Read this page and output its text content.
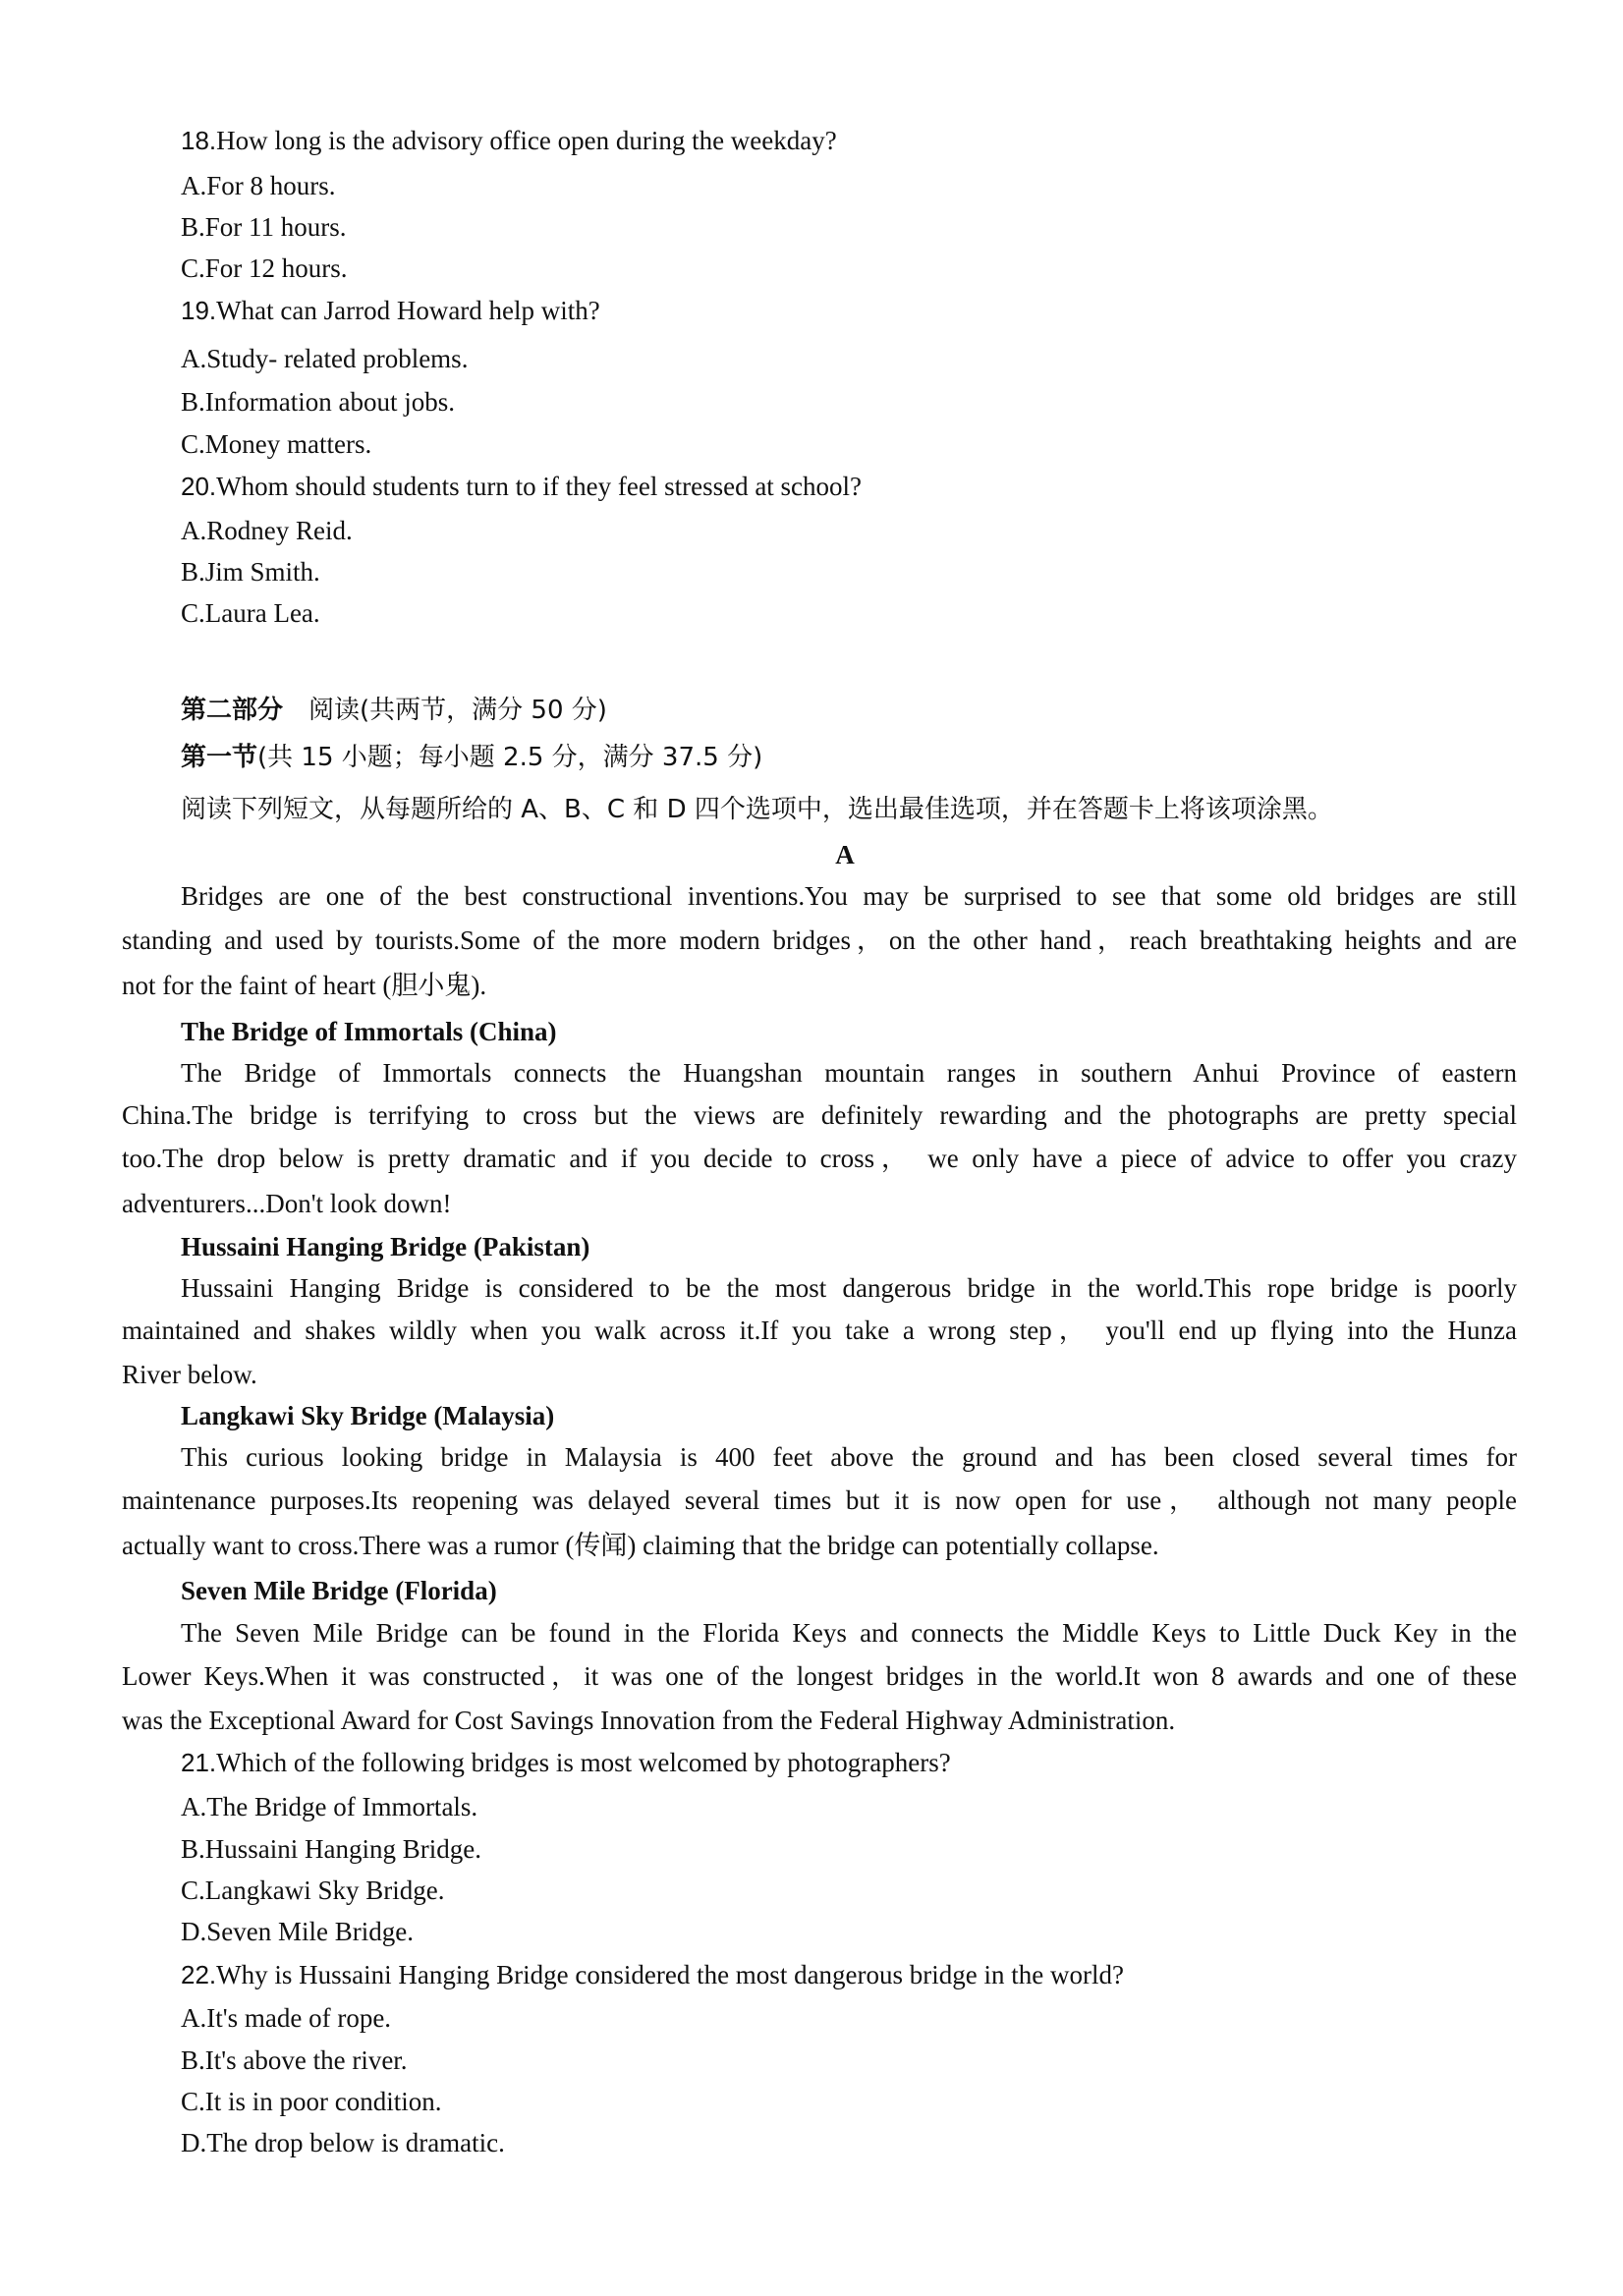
18.How long is the advisory office open during the weekday?
A.For 8 hours.
B.For 11 hours.
C.For 12 hours.
19.What can Jarrod Howard help with?
A.Study- related problems.
B.Information about jobs.
C.Money matters.
20.Whom should students turn to if they feel stressed at school?
A.Rodney Reid.
B.Jim Smith.
C.Laura Lea.
第二部分 阅读(共两节，满分 50 分)
第一节(共 15 小题；每小题 2.5 分，满分 37.5 分)
阅读下列短文，从每题所给的 A、B、C 和 D 四个选项中，选出最佳选项，并在答题卡上将该项涂黑。
A
Bridges are one of the best constructional inventions.You may be surprised to see that some old bridges are still
standing and used by tourists.Some of the more modern bridges，on the other hand，reach breathtaking heights and are
not for the faint of heart (胆小鬼).
The Bridge of Immortals (China)
The Bridge of Immortals connects the Huangshan mountain ranges in southern Anhui Province of eastern
China.The bridge is terrifying to cross but the views are definitely rewarding and the photographs are pretty special
too.The drop below is pretty dramatic and if you decide to cross， we only have a piece of advice to offer you crazy
adventurers...Don't look down!
Hussaini Hanging Bridge (Pakistan)
Hussaini Hanging Bridge is considered to be the most dangerous bridge in the world.This rope bridge is poorly
maintained and shakes wildly when you walk across it.If you take a wrong step， you'll end up flying into the Hunza
River below.
Langkawi Sky Bridge (Malaysia)
This curious looking bridge in Malaysia is 400 feet above the ground and has been closed several times for
maintenance purposes.Its reopening was delayed several times but it is now open for use， although not many people
actually want to cross.There was a rumor (传闻) claiming that the bridge can potentially collapse.
Seven Mile Bridge (Florida)
The Seven Mile Bridge can be found in the Florida Keys and connects the Middle Keys to Little Duck Key in the
Lower Keys.When it was constructed，it was one of the longest bridges in the world.It won 8 awards and one of these
was the Exceptional Award for Cost Savings Innovation from the Federal Highway Administration.
21.Which of the following bridges is most welcomed by photographers?
A.The Bridge of Immortals.
B.Hussaini Hanging Bridge.
C.Langkawi Sky Bridge.
D.Seven Mile Bridge.
22.Why is Hussaini Hanging Bridge considered the most dangerous bridge in the world?
A.It's made of rope.
B.It's above the river.
C.It is in poor condition.
D.The drop below is dramatic.
